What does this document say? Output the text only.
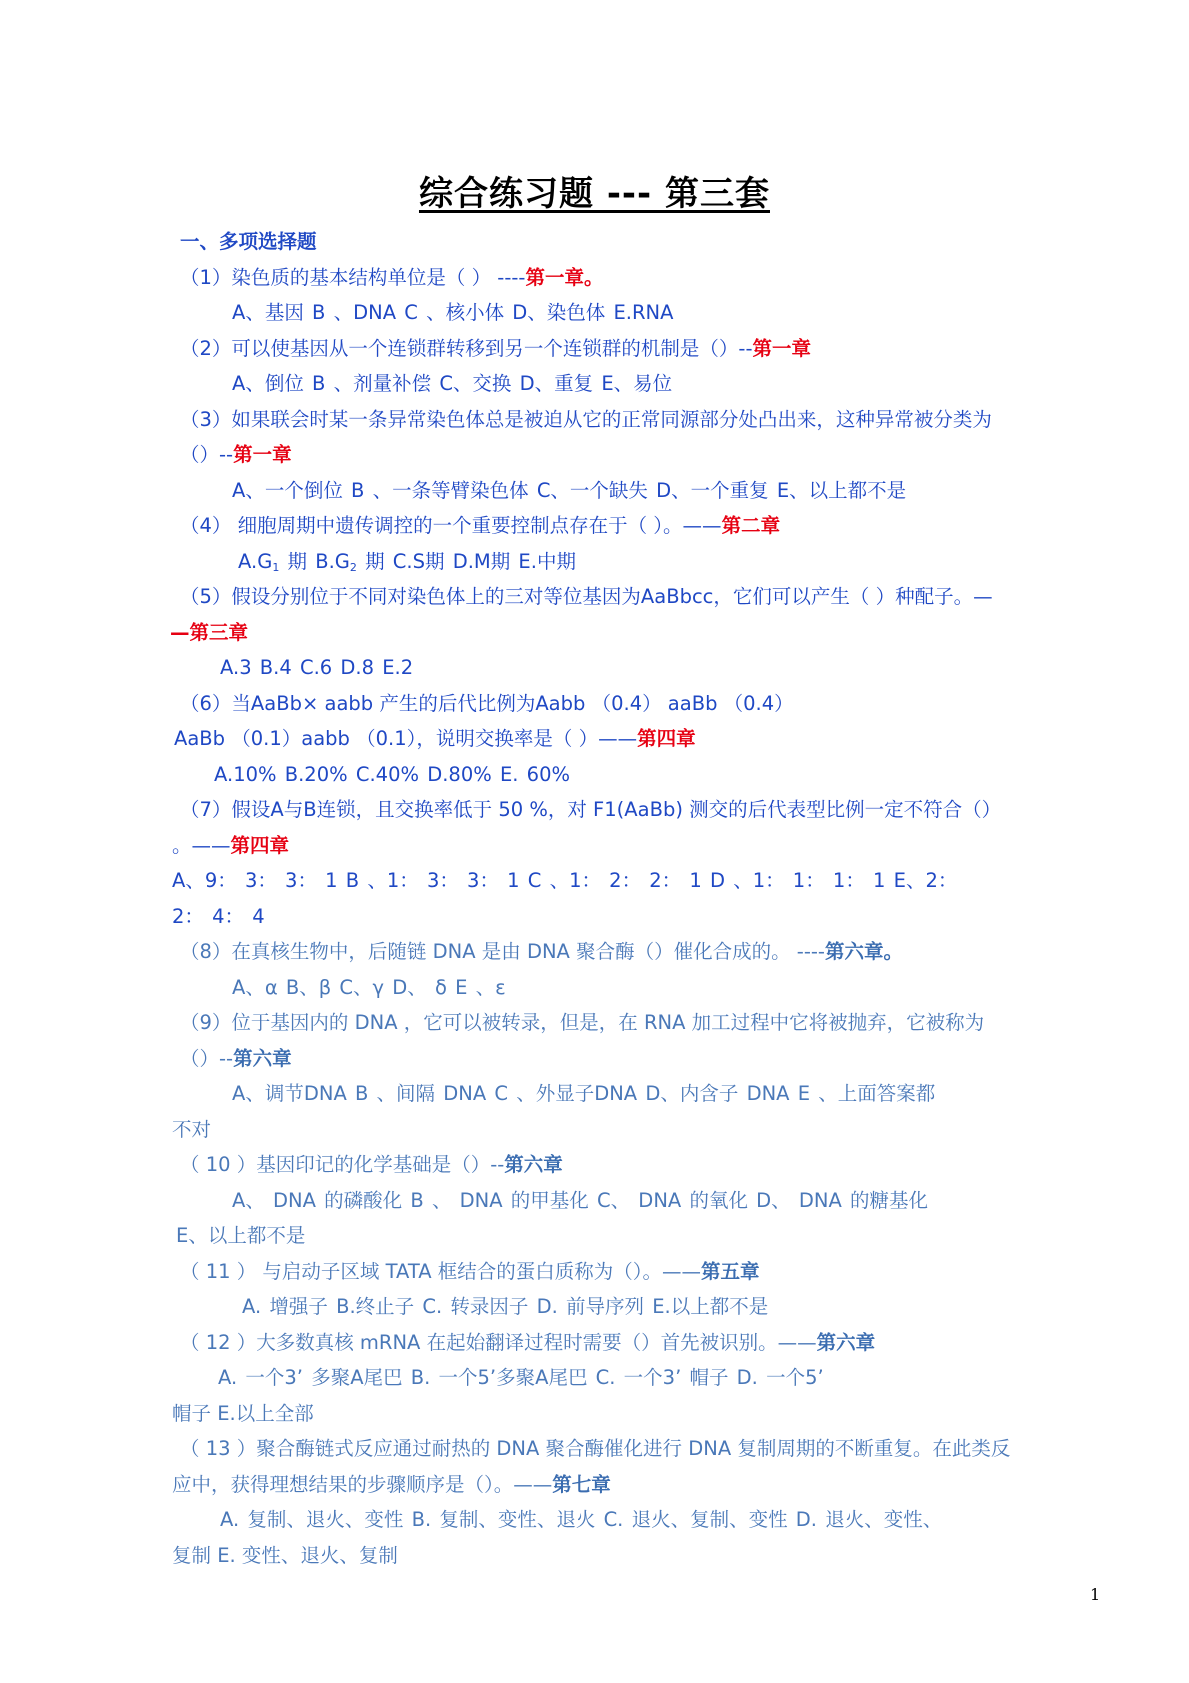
综合练习题 --- 第三套
一、多项选择题
（1）染色质的基本结构单位是（ ） ----第一章。
A、基因 B 、DNA C 、核小体 D、染色体 E.RNA
（2）可以使基因从一个连锁群转移到另一个连锁群的机制是（）--第一章
A、倒位 B 、剂量补偿 C、交换 D、重复 E、易位
（3）如果联会时某一条异常染色体总是被迫从它的正常同源部分处凸出来，这种异常被分类为
（）--第一章
A、一个倒位 B 、一条等臂染色体 C、一个缺失 D、一个重复 E、以上都不是
（4） 细胞周期中遗传调控的一个重要控制点存在于（ ）。——第二章
$A.G_1$ 期 $B.G_2$ 期 C.S期 D.M期 E.中期
（5）假设分别位于不同对染色体上的三对等位基因为AaBbcc，它们可以产生（ ）种配子。—
—第三章
A.3 B.4 C.6 D.8 E.2
（6）当AaBb× aabb 产生的后代比例为Aabb （0.4） aaBb （0.4）
AaBb （0.1）aabb （0.1），说明交换率是（ ）——第四章
A.10% B.20% C.40% D.80% E. 60%
（7）假设A与B连锁，且交换率低于 50 %，对 F1(AaBb) 测交的后代表型比例一定不符合（）
。——第四章
A、9： 3： 3： 1 B 、1： 3： 3： 1 C 、1： 2： 2： 1 D 、1： 1： 1： 1 E、2：
2： 4： 4
（8）在真核生物中，后随链 DNA 是由 DNA 聚合酶（）催化合成的。 ----第六章。
A、α B、β C、γ D、 δ E 、ε
（9）位于基因内的 DNA ，它可以被转录，但是，在 RNA 加工过程中它将被抛弃，它被称为
（）--第六章
A、调节DNA B 、间隔 DNA C 、外显子DNA D、内含子 DNA E 、上面答案都
不对
（ 10 ）基因印记的化学基础是（）--第六章
A、 DNA 的磷酸化 B 、 DNA 的甲基化 C、 DNA 的氧化 D、 DNA 的糖基化
E、以上都不是
（ 11 ） 与启动子区域 TATA 框结合的蛋白质称为（）。——第五章
A. 增强子 B.终止子 C. 转录因子 D. 前导序列 E.以上都不是
（ 12 ）大多数真核 mRNA 在起始翻译过程时需要（）首先被识别。——第六章
A. 一个3’ 多聚A尾巴 B. 一个5’多聚A尾巴 C. 一个3’ 帽子 D. 一个5’
帽子 E.以上全部
（ 13 ）聚合酶链式反应通过耐热的 DNA 聚合酶催化进行 DNA 复制周期的不断重复。在此类反
应中，获得理想结果的步骤顺序是（）。——第七章
A. 复制、退火、变性 B. 复制、变性、退火 C. 退火、复制、变性 D. 退火、变性、
复制 E. 变性、退火、复制
1
